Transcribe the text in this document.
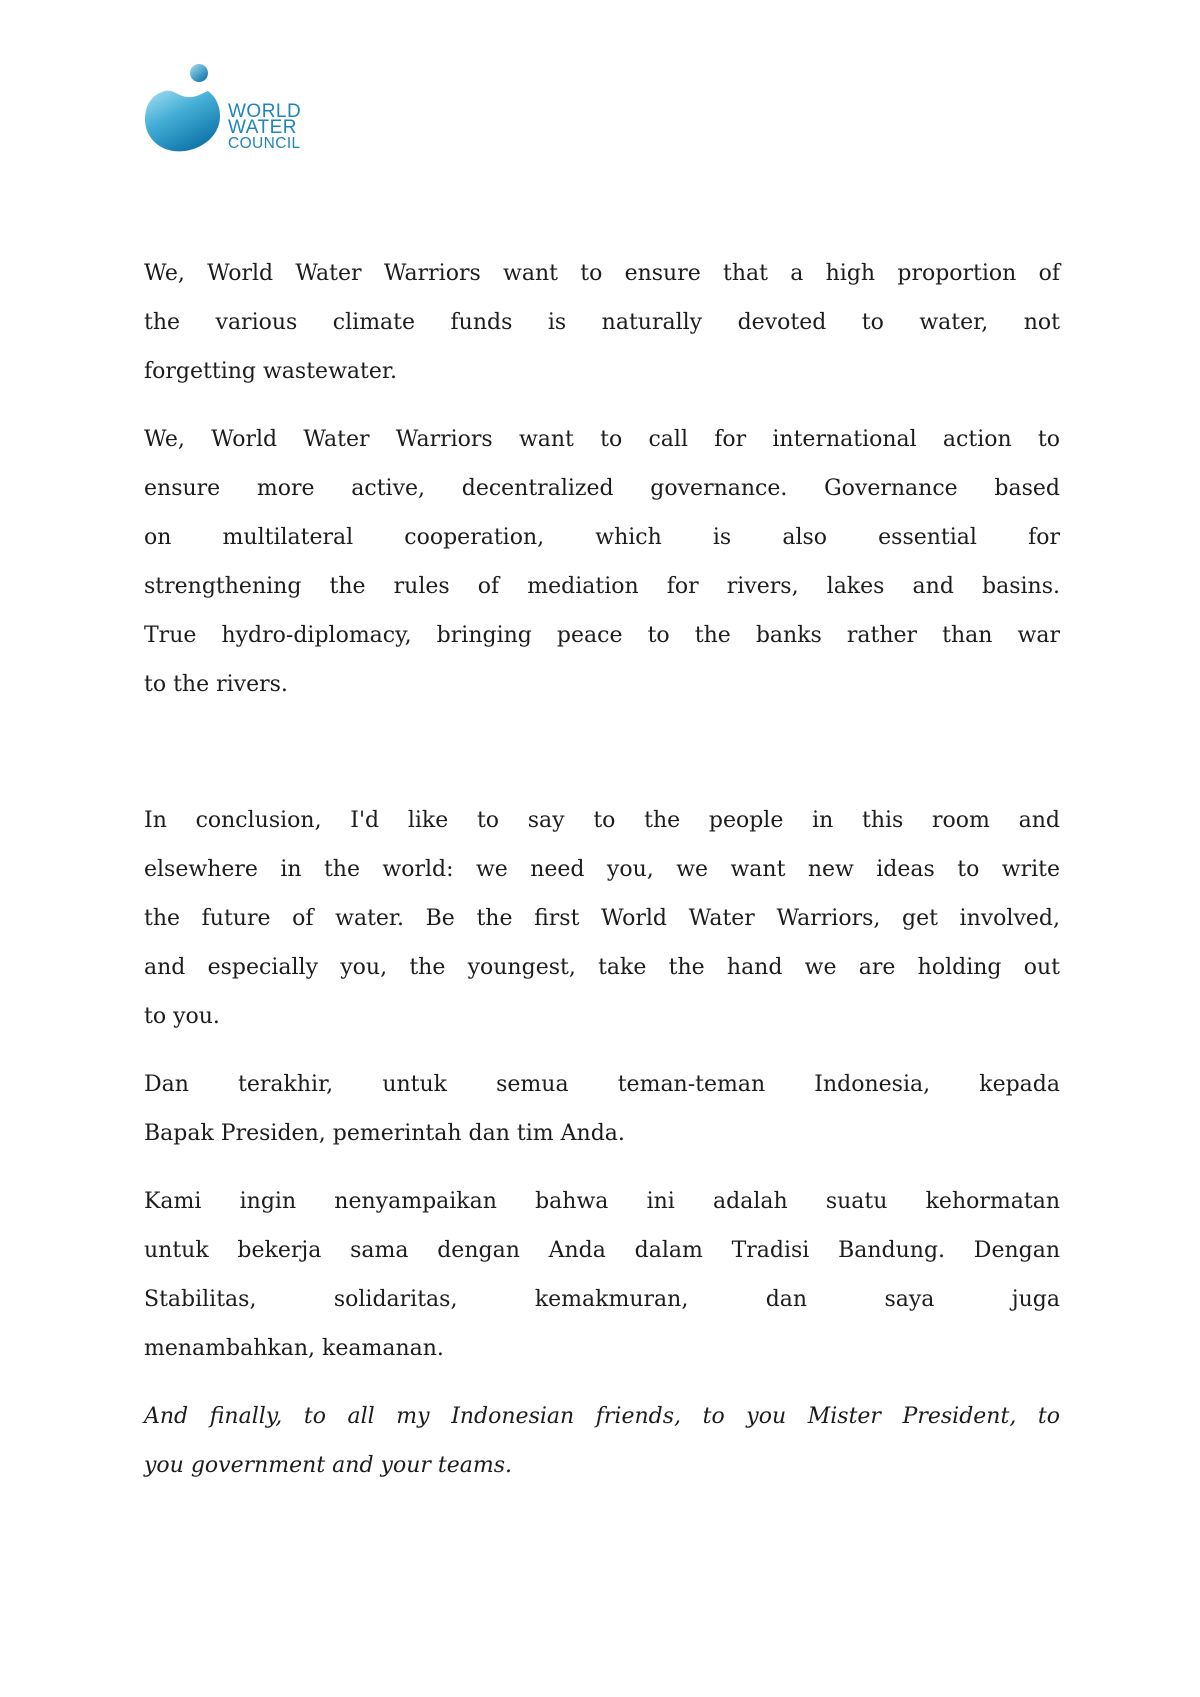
WORLD
WATER
COUNCIL

We, World Water Warriors want to ensure that a high proportion of
the various climate funds is naturally devoted to water, not
forgetting wastewater.

We, World Water Warriors want to call for international action to
ensure more active, decentralized governance. Governance based
on multilateral cooperation, which is also essential for
strengthening the rules of mediation for rivers, lakes and basins.
True hydro-diplomacy, bringing peace to the banks rather than war
to the rivers.

In conclusion, I'd like to say to the people in this room and
elsewhere in the world: we need you, we want new ideas to write
the future of water. Be the first World Water Warriors, get involved,
and especially you, the youngest, take the hand we are holding out
to you.

Dan terakhir, untuk semua teman-teman Indonesia, kepada
Bapak Presiden, pemerintah dan tim Anda.

Kami ingin nenyampaikan bahwa ini adalah suatu kehormatan
untuk bekerja sama dengan Anda dalam Tradisi Bandung. Dengan
Stabilitas, solidaritas, kemakmuran, dan saya juga
menambahkan, keamanan.

And finally, to all my Indonesian friends, to you Mister President, to
you government and your teams.
